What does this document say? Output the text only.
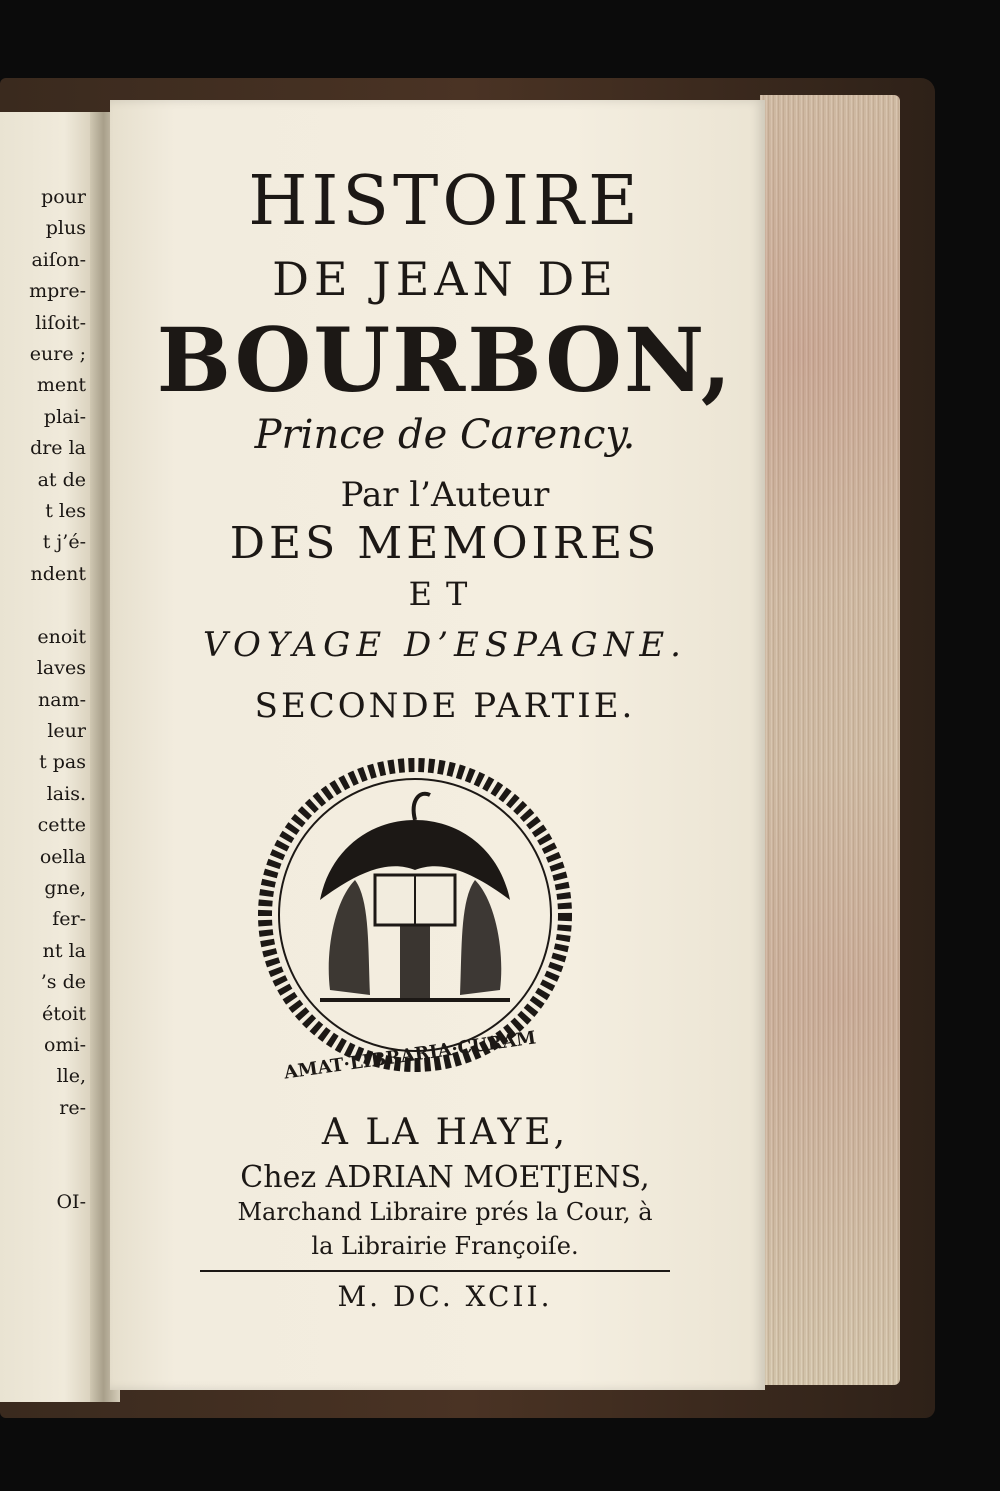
pour
plus
aiſon-
mpre-
liſoit-
eure ;
ment
plai-
dre la
at de
t les
t j’é-
ndent

enoit
laves
nam-
leur
t pas
lais.
cette
oella
gne,
fer-
nt la
’s de
étoit
omi-
lle,
re-

OI-
HISTOIRE
DE JEAN DE
BOURBON,
Prince de Carency.
Par l’Auteur
DES MEMOIRES
ET
VOYAGE D’ESPAGNE.
SECONDE PARTIE.
AMAT·LIBRARIA·CURAM
A LA HAYE,
Chez ADRIAN MOETJENS,
Marchand Libraire prés la Cour, à
la Librairie Françoiſe.
M. DC. XCII.
